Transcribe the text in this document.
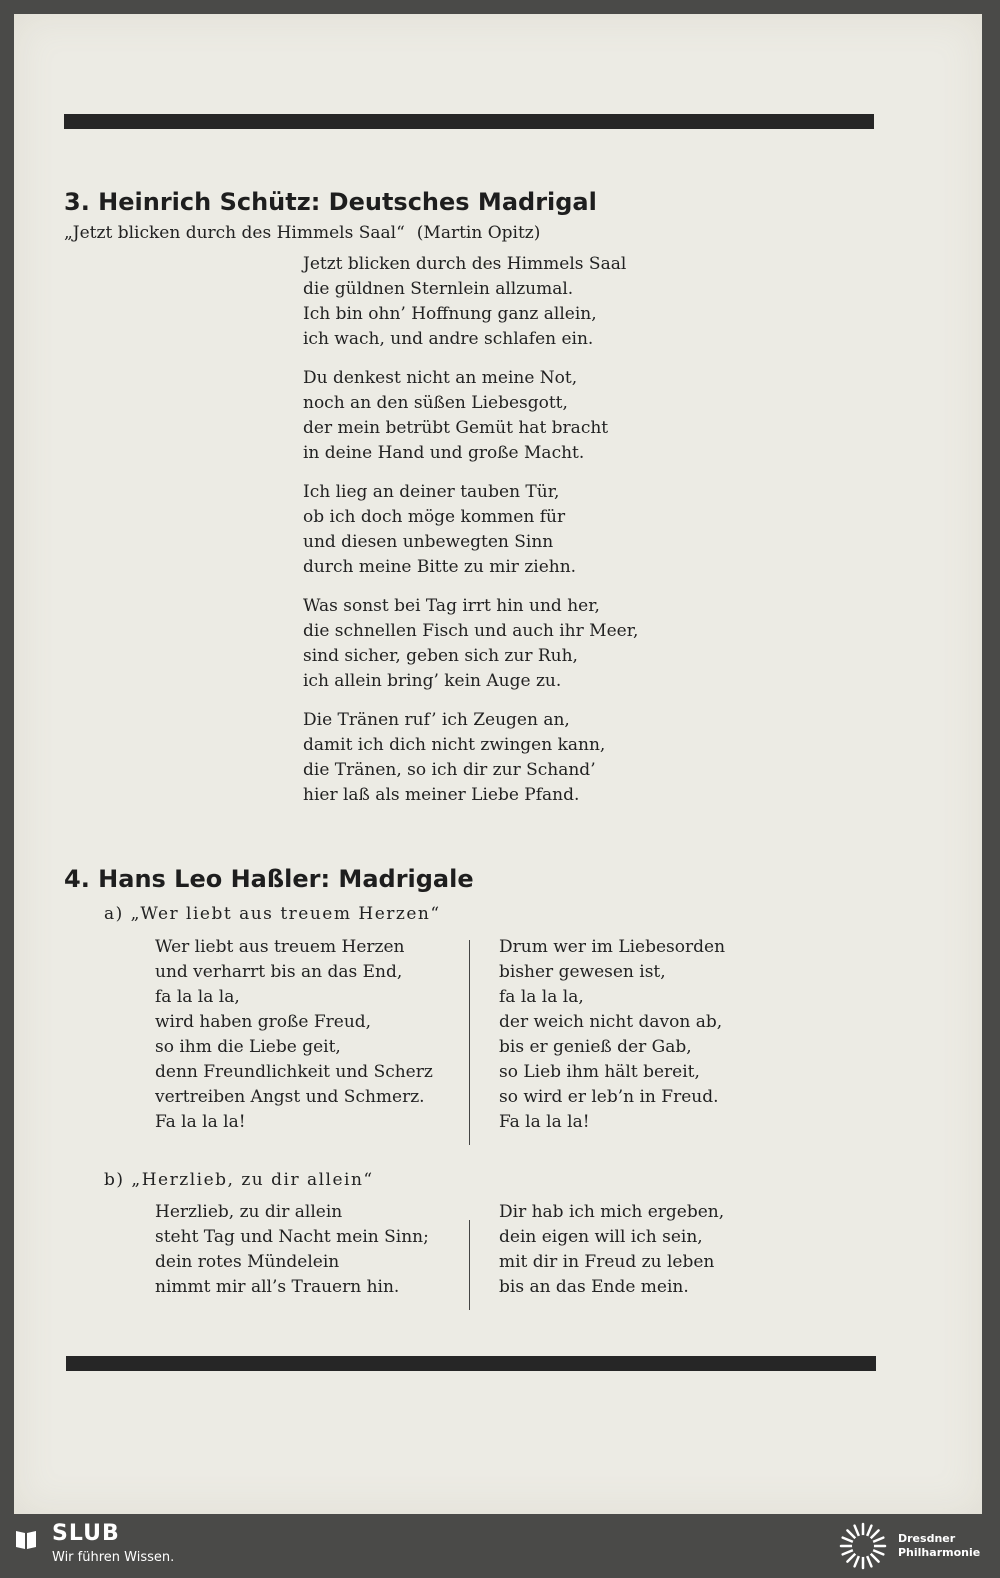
3. Heinrich Schütz: Deutsches Madrigal
„Jetzt blicken durch des Himmels Saal“ (Martin Opitz)
Jetzt blicken durch des Himmels Saal
die güldnen Sternlein allzumal.
Ich bin ohn’ Hoffnung ganz allein,
ich wach, und andre schlafen ein.
Du denkest nicht an meine Not,
noch an den süßen Liebesgott,
der mein betrübt Gemüt hat bracht
in deine Hand und große Macht.
Ich lieg an deiner tauben Tür,
ob ich doch möge kommen für
und diesen unbewegten Sinn
durch meine Bitte zu mir ziehn.
Was sonst bei Tag irrt hin und her,
die schnellen Fisch und auch ihr Meer,
sind sicher, geben sich zur Ruh,
ich allein bring’ kein Auge zu.
Die Tränen ruf’ ich Zeugen an,
damit ich dich nicht zwingen kann,
die Tränen, so ich dir zur Schand’
hier laß als meiner Liebe Pfand.
4. Hans Leo Haßler: Madrigale
a) „Wer liebt aus treuem Herzen“
Wer liebt aus treuem Herzen
und verharrt bis an das End,
fa la la la,
wird haben große Freud,
so ihm die Liebe geit,
denn Freundlichkeit und Scherz
vertreiben Angst und Schmerz.
Fa la la la!
Drum wer im Liebesorden
bisher gewesen ist,
fa la la la,
der weich nicht davon ab,
bis er genieß der Gab,
so Lieb ihm hält bereit,
so wird er leb’n in Freud.
Fa la la la!
b) „Herzlieb, zu dir allein“
Herzlieb, zu dir allein
steht Tag und Nacht mein Sinn;
dein rotes Mündelein
nimmt mir all’s Trauern hin.
Dir hab ich mich ergeben,
dein eigen will ich sein,
mit dir in Freud zu leben
bis an das Ende mein.
SLUB
Wir führen Wissen.
Dresdner
Philharmonie
